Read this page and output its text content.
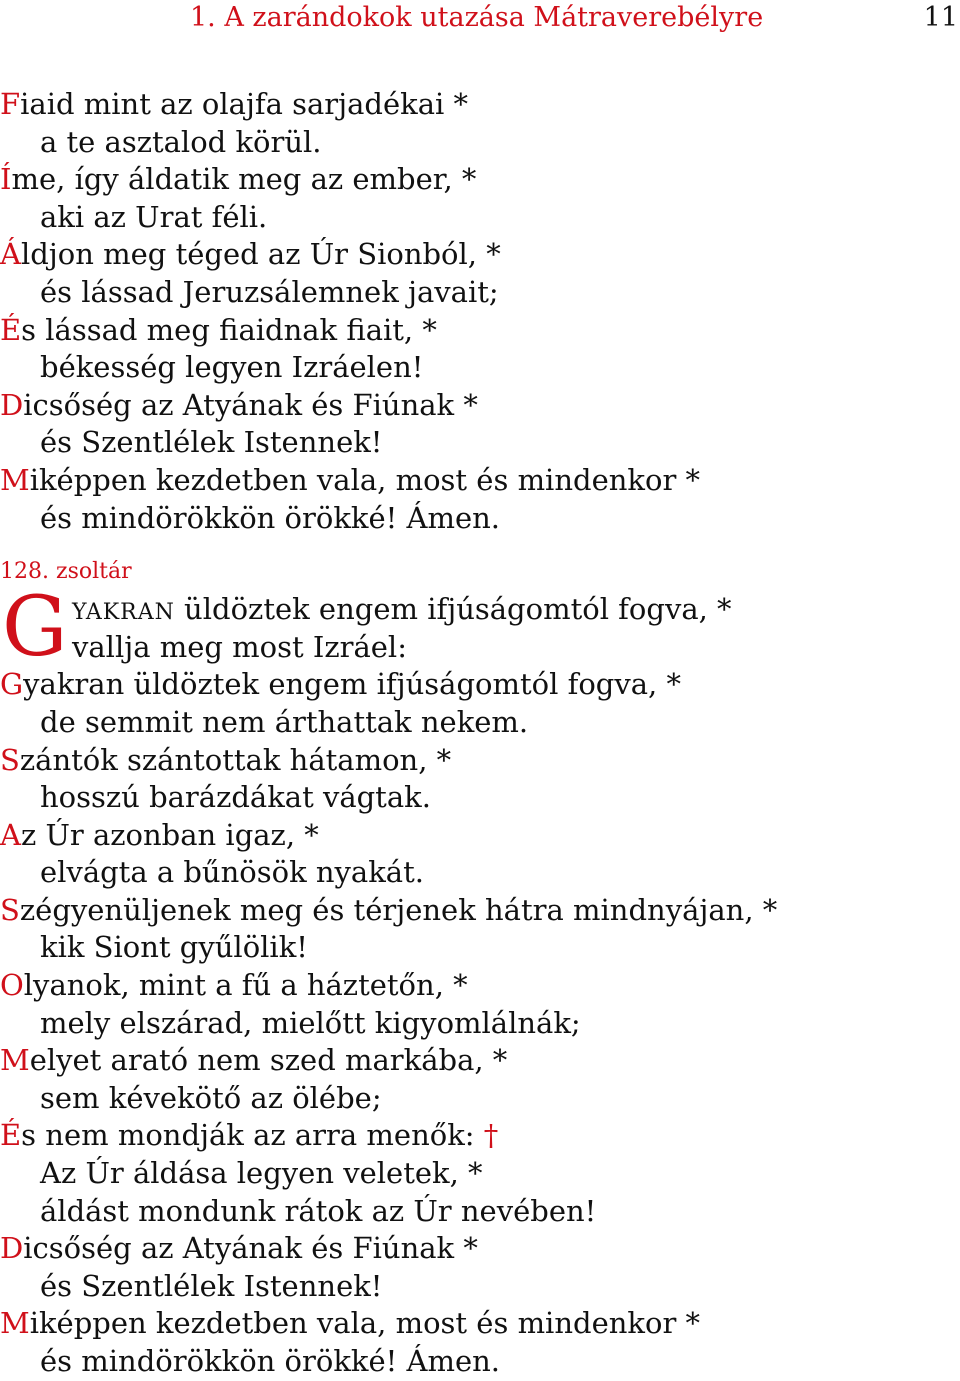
1. A zarándokok utazása Mátraverebélyre	11
Fiaid mint az olajfa sarjadékai *
a te asztalod körül.
Íme, így áldatik meg az ember, *
aki az Urat féli.
Áldjon meg téged az Úr Sionból, *
és lássad Jeruzsálemnek javait;
És lássad meg fiaidnak fiait, *
békesség legyen Izráelen!
Dicsőség az Atyának és Fiúnak *
és Szentlélek Istennek!
Miképpen kezdetben vala, most és mindenkor *
és mindörökkön örökké! Ámen.
128. zsoltár
G YAKRAN üldöztek engem ifjúságomtól fogva, *
vallja meg most Izráel:
Gyakran üldöztek engem ifjúságomtól fogva, *
de semmit nem árthattak nekem.
Szántók szántottak hátamon, *
hosszú barázdákat vágtak.
Az Úr azonban igaz, *
elvágta a bűnösök nyakát.
Szégyenüljenek meg és térjenek hátra mindnyájan, *
kik Siont gyűlölik!
Olyanok, mint a fű a háztetőn, *
mely elszárad, mielőtt kigyomlálnák;
Melyet arató nem szed markába, *
sem kévekötő az ölébe;
És nem mondják az arra menők: †
Az Úr áldása legyen veletek, *
áldást mondunk rátok az Úr nevében!
Dicsőség az Atyának és Fiúnak *
és Szentlélek Istennek!
Miképpen kezdetben vala, most és mindenkor *
és mindörökkön örökké! Ámen.
